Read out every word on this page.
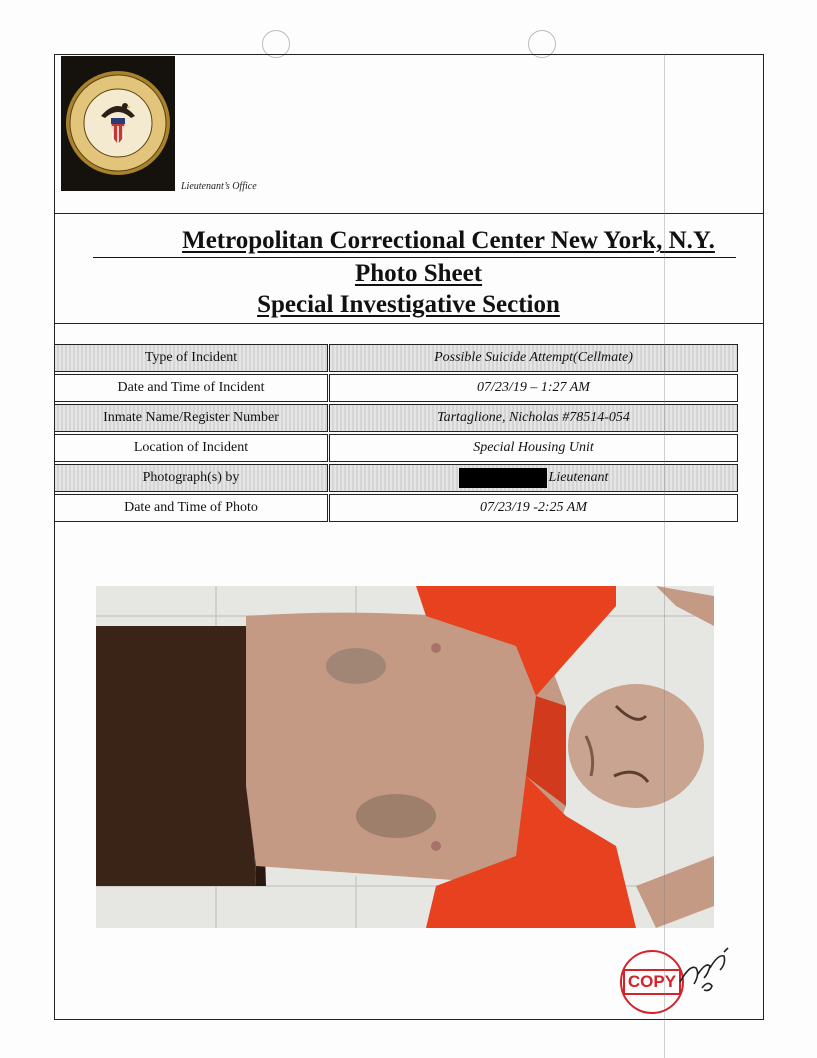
Lieutenant’s Office
Metropolitan Correctional Center New York, N.Y.
Photo Sheet
Special Investigative Section
Type of Incident	Possible Suicide Attempt(Cellmate)
Date and Time of Incident	07/23/19 – 1:27 AM
Inmate Name/Register Number	Tartaglione, Nicholas #78514-054
Location of Incident	Special Housing Unit
Photograph(s) by	Lieutenant
Date and Time of Photo	07/23/19 -2:25 AM
COPY
